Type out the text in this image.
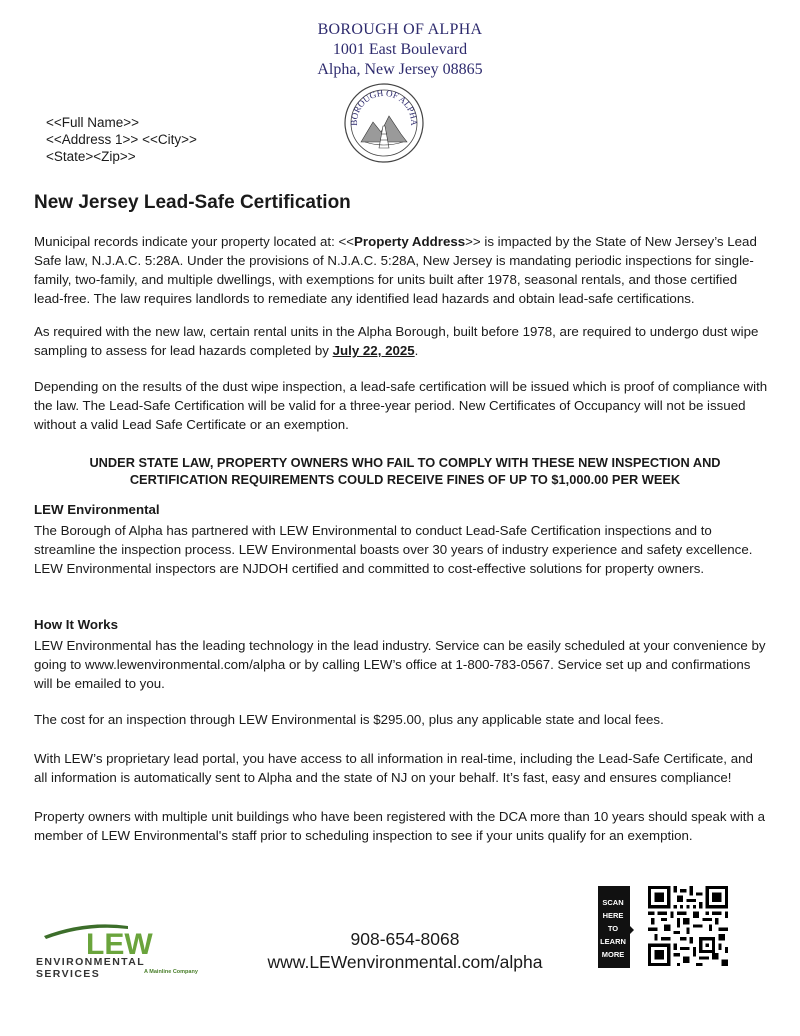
BOROUGH OF ALPHA
1001 East Boulevard
Alpha, New Jersey 08865
BOROUGH OF ALPHA
<<Full Name>>
<<Address 1>> <<City>>
<State><Zip>>
New Jersey Lead-Safe Certification

Municipal records indicate your property located at: <<Property Address>> is impacted by the State of New Jersey’s Lead Safe law, N.J.A.C. 5:28A. Under the provisions of N.J.A.C. 5:28A, New Jersey is mandating periodic inspections for single-family, two-family, and multiple dwellings, with exemptions for units built after 1978, seasonal rentals, and those certified lead-free. The law requires landlords to remediate any identified lead hazards and obtain lead-safe certifications.

As required with the new law, certain rental units in the Alpha Borough, built before 1978, are required to undergo dust wipe sampling to assess for lead hazards completed by July 22, 2025.

Depending on the results of the dust wipe inspection, a lead-safe certification will be issued which is proof of compliance with the law. The Lead-Safe Certification will be valid for a three-year period. New Certificates of Occupancy will not be issued without a valid Lead Safe Certificate or an exemption.

UNDER STATE LAW, PROPERTY OWNERS WHO FAIL TO COMPLY WITH THESE NEW INSPECTION AND
CERTIFICATION REQUIREMENTS COULD RECEIVE FINES OF UP TO $1,000.00 PER WEEK
LEW Environmental

The Borough of Alpha has partnered with LEW Environmental to conduct Lead-Safe Certification inspections and to streamline the inspection process. LEW Environmental boasts over 30 years of industry experience and safety excellence. LEW Environmental inspectors are NJDOH certified and committed to cost-effective solutions for property owners.

How It Works

LEW Environmental has the leading technology in the lead industry. Service can be easily scheduled at your convenience by going to www.lewenvironmental.com/alpha or by calling LEW’s office at 1-800-783-0567. Service set up and confirmations will be emailed to you.

The cost for an inspection through LEW Environmental is $295.00, plus any applicable state and local fees.

With LEW’s proprietary lead portal, you have access to all information in real-time, including the Lead-Safe Certificate, and all information is automatically sent to Alpha and the state of NJ on your behalf. It’s fast, easy and ensures compliance!

Property owners with multiple unit buildings who have been registered with the DCA more than 10 years should speak with a member of LEW Environmental's staff prior to scheduling inspection to see if your units qualify for an exemption.

LEW
ENVIRONMENTAL SERVICES	A Mainline Company
908-654-8068
www.LEWenvironmental.com/alpha
SCAN
HERE
TO
LEARN
MORE
